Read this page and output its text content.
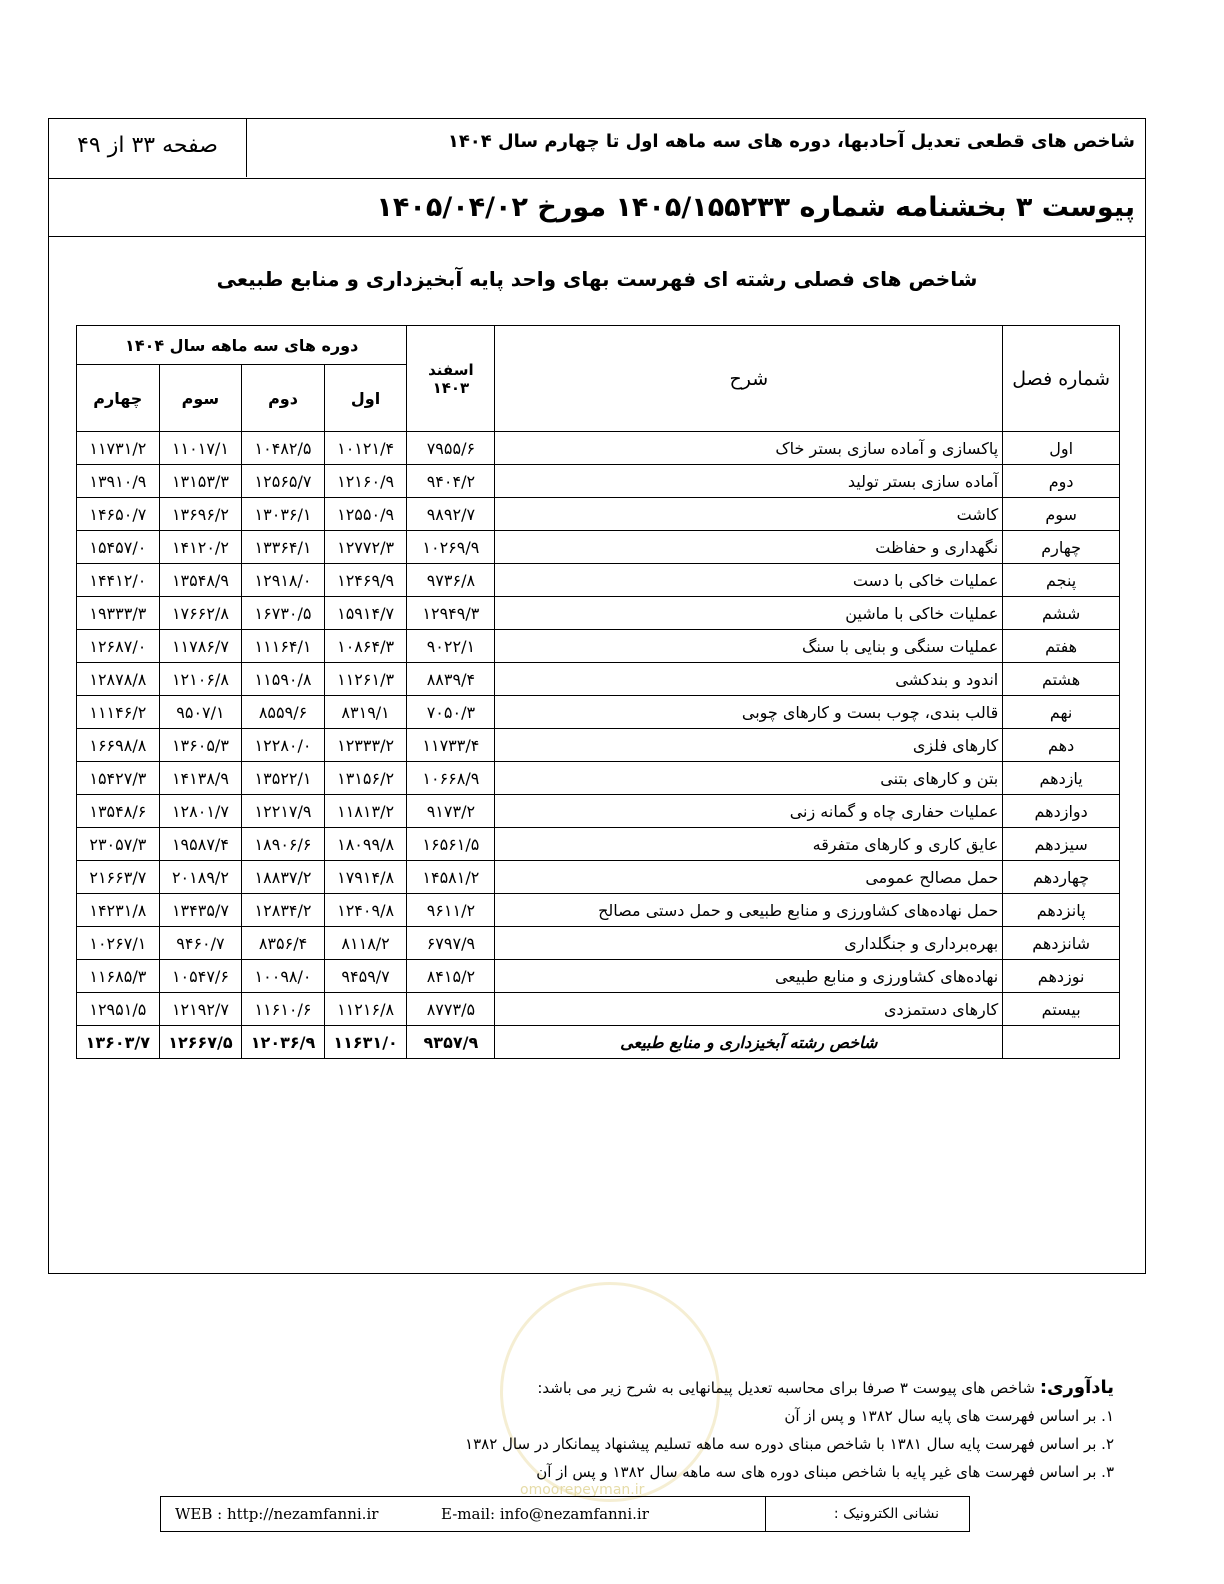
شاخص های قطعی تعدیل آحادبها، دوره های سه ماهه اول تا چهارم سال ۱۴۰۴
صفحه ۳۳ از ۴۹
پیوست ۳ بخشنامه شماره ۱۴۰۵/۱۵۵۲۳۳ مورخ ۱۴۰۵/۰۴/۰۲
شاخص های فصلی رشته ای فهرست بهای واحد پایه آبخیزداری و منابع طبیعی
شماره فصل	شرح	اسفند ۱۴۰۳	دوره های سه ماهه سال ۱۴۰۴			
			اول	دوم	سوم	چهارم
اول	پاکسازی و آماده سازی بستر خاک	۷۹۵۵/۶	۱۰۱۲۱/۴	۱۰۴۸۲/۵	۱۱۰۱۷/۱	۱۱۷۳۱/۲
دوم	آماده سازی بستر تولید	۹۴۰۴/۲	۱۲۱۶۰/۹	۱۲۵۶۵/۷	۱۳۱۵۳/۳	۱۳۹۱۰/۹
سوم	کاشت	۹۸۹۲/۷	۱۲۵۵۰/۹	۱۳۰۳۶/۱	۱۳۶۹۶/۲	۱۴۶۵۰/۷
چهارم	نگهداری و حفاظت	۱۰۲۶۹/۹	۱۲۷۷۲/۳	۱۳۳۶۴/۱	۱۴۱۲۰/۲	۱۵۴۵۷/۰
پنجم	عملیات خاکی با دست	۹۷۳۶/۸	۱۲۴۶۹/۹	۱۲۹۱۸/۰	۱۳۵۴۸/۹	۱۴۴۱۲/۰
ششم	عملیات خاکی با ماشین	۱۲۹۴۹/۳	۱۵۹۱۴/۷	۱۶۷۳۰/۵	۱۷۶۶۲/۸	۱۹۳۳۳/۳
هفتم	عملیات سنگی و بنایی با سنگ	۹۰۲۲/۱	۱۰۸۶۴/۳	۱۱۱۶۴/۱	۱۱۷۸۶/۷	۱۲۶۸۷/۰
هشتم	اندود و بندکشی	۸۸۳۹/۴	۱۱۲۶۱/۳	۱۱۵۹۰/۸	۱۲۱۰۶/۸	۱۲۸۷۸/۸
نهم	قالب بندی، چوب بست و کارهای چوبی	۷۰۵۰/۳	۸۳۱۹/۱	۸۵۵۹/۶	۹۵۰۷/۱	۱۱۱۴۶/۲
دهم	کارهای فلزی	۱۱۷۳۳/۴	۱۲۳۳۳/۲	۱۲۲۸۰/۰	۱۳۶۰۵/۳	۱۶۶۹۸/۸
یازدهم	بتن و کارهای بتنی	۱۰۶۶۸/۹	۱۳۱۵۶/۲	۱۳۵۲۲/۱	۱۴۱۳۸/۹	۱۵۴۲۷/۳
دوازدهم	عملیات حفاری چاه و گمانه زنی	۹۱۷۳/۲	۱۱۸۱۳/۲	۱۲۲۱۷/۹	۱۲۸۰۱/۷	۱۳۵۴۸/۶
سیزدهم	عایق کاری و کارهای متفرقه	۱۶۵۶۱/۵	۱۸۰۹۹/۸	۱۸۹۰۶/۶	۱۹۵۸۷/۴	۲۳۰۵۷/۳
چهاردهم	حمل مصالح عمومی	۱۴۵۸۱/۲	۱۷۹۱۴/۸	۱۸۸۳۷/۲	۲۰۱۸۹/۲	۲۱۶۶۳/۷
پانزدهم	حمل نهاده‌های کشاورزی و منابع طبیعی و حمل دستی مصالح	۹۶۱۱/۲	۱۲۴۰۹/۸	۱۲۸۳۴/۲	۱۳۴۳۵/۷	۱۴۲۳۱/۸
شانزدهم	بهره‌برداری و جنگلداری	۶۷۹۷/۹	۸۱۱۸/۲	۸۳۵۶/۴	۹۴۶۰/۷	۱۰۲۶۷/۱
نوزدهم	نهاده‌های کشاورزی و منابع طبیعی	۸۴۱۵/۲	۹۴۵۹/۷	۱۰۰۹۸/۰	۱۰۵۴۷/۶	۱۱۶۸۵/۳
بیستم	کارهای دستمزدی	۸۷۷۳/۵	۱۱۲۱۶/۸	۱۱۶۱۰/۶	۱۲۱۹۲/۷	۱۲۹۵۱/۵
	شاخص رشته آبخیزداری و منابع طبیعی	۹۳۵۷/۹	۱۱۶۳۱/۰	۱۲۰۳۶/۹	۱۲۶۶۷/۵	۱۳۶۰۳/۷
omoorepeyman.ir
یادآوری: شاخص های پیوست ۳ صرفا برای محاسبه تعدیل پیمانهایی به شرح زیر می باشد:
۱. بر اساس فهرست های پایه سال ۱۳۸۲ و پس از آن
۲. بر اساس فهرست پایه سال ۱۳۸۱ با شاخص مبنای دوره سه ماهه تسلیم پیشنهاد پیمانکار در سال ۱۳۸۲
۳. بر اساس فهرست های غیر پایه با شاخص مبنای دوره های سه ماهه سال ۱۳۸۲ و پس از آن
نشانی الکترونیک :
WEB : http://nezamfanni.ir	E-mail: info@nezamfanni.ir
